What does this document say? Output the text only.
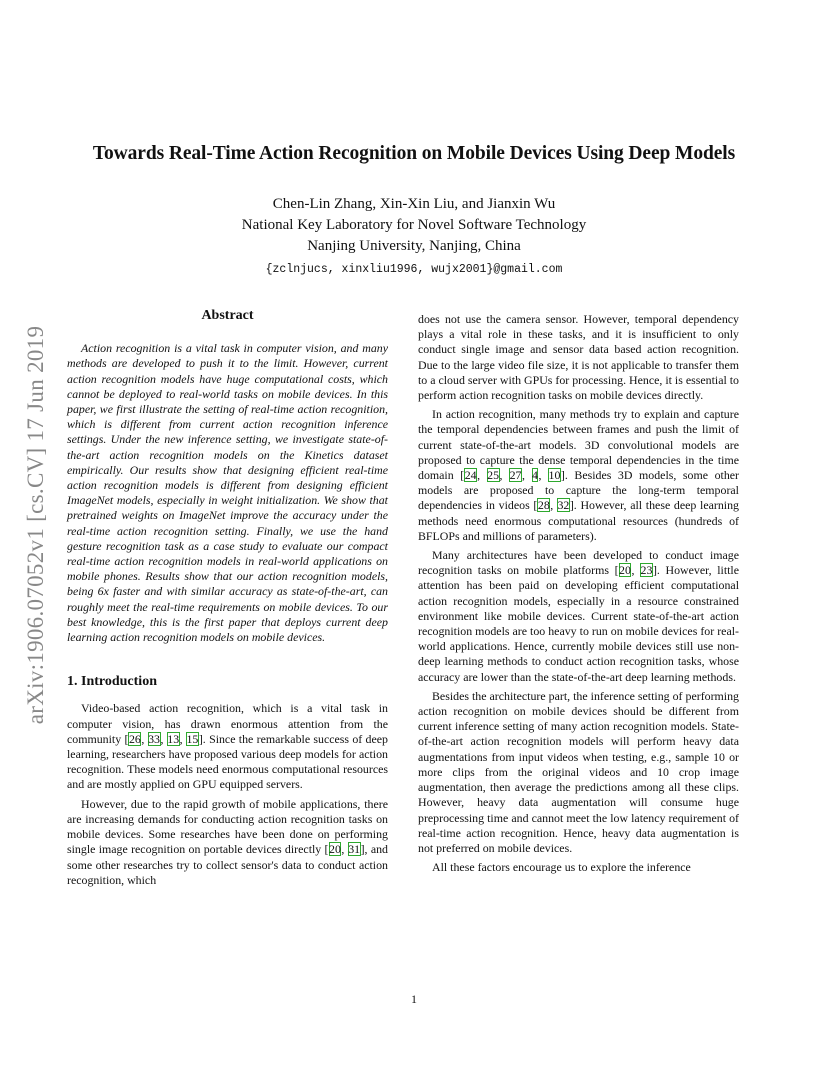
arXiv:1906.07052v1 [cs.CV] 17 Jun 2019
Towards Real-Time Action Recognition on Mobile Devices Using Deep Models
Chen-Lin Zhang, Xin-Xin Liu, and Jianxin Wu
National Key Laboratory for Novel Software Technology
Nanjing University, Nanjing, China
{zclnjucs, xinxliu1996, wujx2001}@gmail.com
Abstract

Action recognition is a vital task in computer vision, and many methods are developed to push it to the limit. However, current action recognition models have huge computational costs, which cannot be deployed to real-world tasks on mobile devices. In this paper, we first illustrate the setting of real-time action recognition, which is different from current action recognition inference settings. Under the new inference setting, we investigate state-of-the-art action recognition models on the Kinetics dataset empirically. Our results show that designing efficient real-time action recognition models is different from designing efficient ImageNet models, especially in weight initialization. We show that pretrained weights on ImageNet improve the accuracy under the real-time action recognition setting. Finally, we use the hand gesture recognition task as a case study to evaluate our compact real-time action recognition models in real-world applications on mobile phones. Results show that our action recognition models, being 6x faster and with similar accuracy as state-of-the-art, can roughly meet the real-time requirements on mobile devices. To our best knowledge, this is the first paper that deploys current deep learning action recognition models on mobile devices.

1. Introduction

Video-based action recognition, which is a vital task in computer vision, has drawn enormous attention from the community [26, 33, 13, 15]. Since the remarkable success of deep learning, researchers have proposed various deep models for action recognition. These models need enormous computational resources and are mostly applied on GPU equipped servers.

However, due to the rapid growth of mobile applications, there are increasing demands for conducting action recognition tasks on mobile devices. Some researches have been done on performing single image recognition on portable devices directly [20, 31], and some other researches try to collect sensor's data to conduct action recognition, which

does not use the camera sensor. However, temporal dependency plays a vital role in these tasks, and it is insufficient to only conduct single image and sensor data based action recognition. Due to the large video file size, it is not applicable to transfer them to a cloud server with GPUs for processing. Hence, it is essential to perform action recognition tasks on mobile devices directly.

In action recognition, many methods try to explain and capture the temporal dependencies between frames and push the limit of current state-of-the-art models. 3D convolutional models are proposed to capture the dense temporal dependencies in the time domain [24, 25, 27, 4, 10]. Besides 3D models, some other models are proposed to capture the long-term temporal dependencies in videos [28, 32]. However, all these deep learning methods need enormous computational resources (hundreds of BFLOPs and millions of parameters).

Many architectures have been developed to conduct image recognition tasks on mobile platforms [20, 23]. However, little attention has been paid on developing efficient computational action recognition models, especially in a resource constrained environment like mobile devices. Current state-of-the-art action recognition models are too heavy to run on mobile devices for real-world applications. Hence, currently mobile devices still use non-deep learning methods to conduct action recognition tasks, whose accuracy are lower than the state-of-the-art deep learning methods.

Besides the architecture part, the inference setting of performing action recognition on mobile devices should be different from current inference setting of many action recognition models. State-of-the-art action recognition models will perform heavy data augmentations from input videos when testing, e.g., sample 10 or more clips from the original videos and 10 crop image augmentation, then average the predictions among all these clips. However, heavy data augmentation will consume huge preprocessing time and cannot meet the low latency requirement of real-time action recognition. Hence, heavy data augmentation is not preferred on mobile devices.

All these factors encourage us to explore the inference

1
